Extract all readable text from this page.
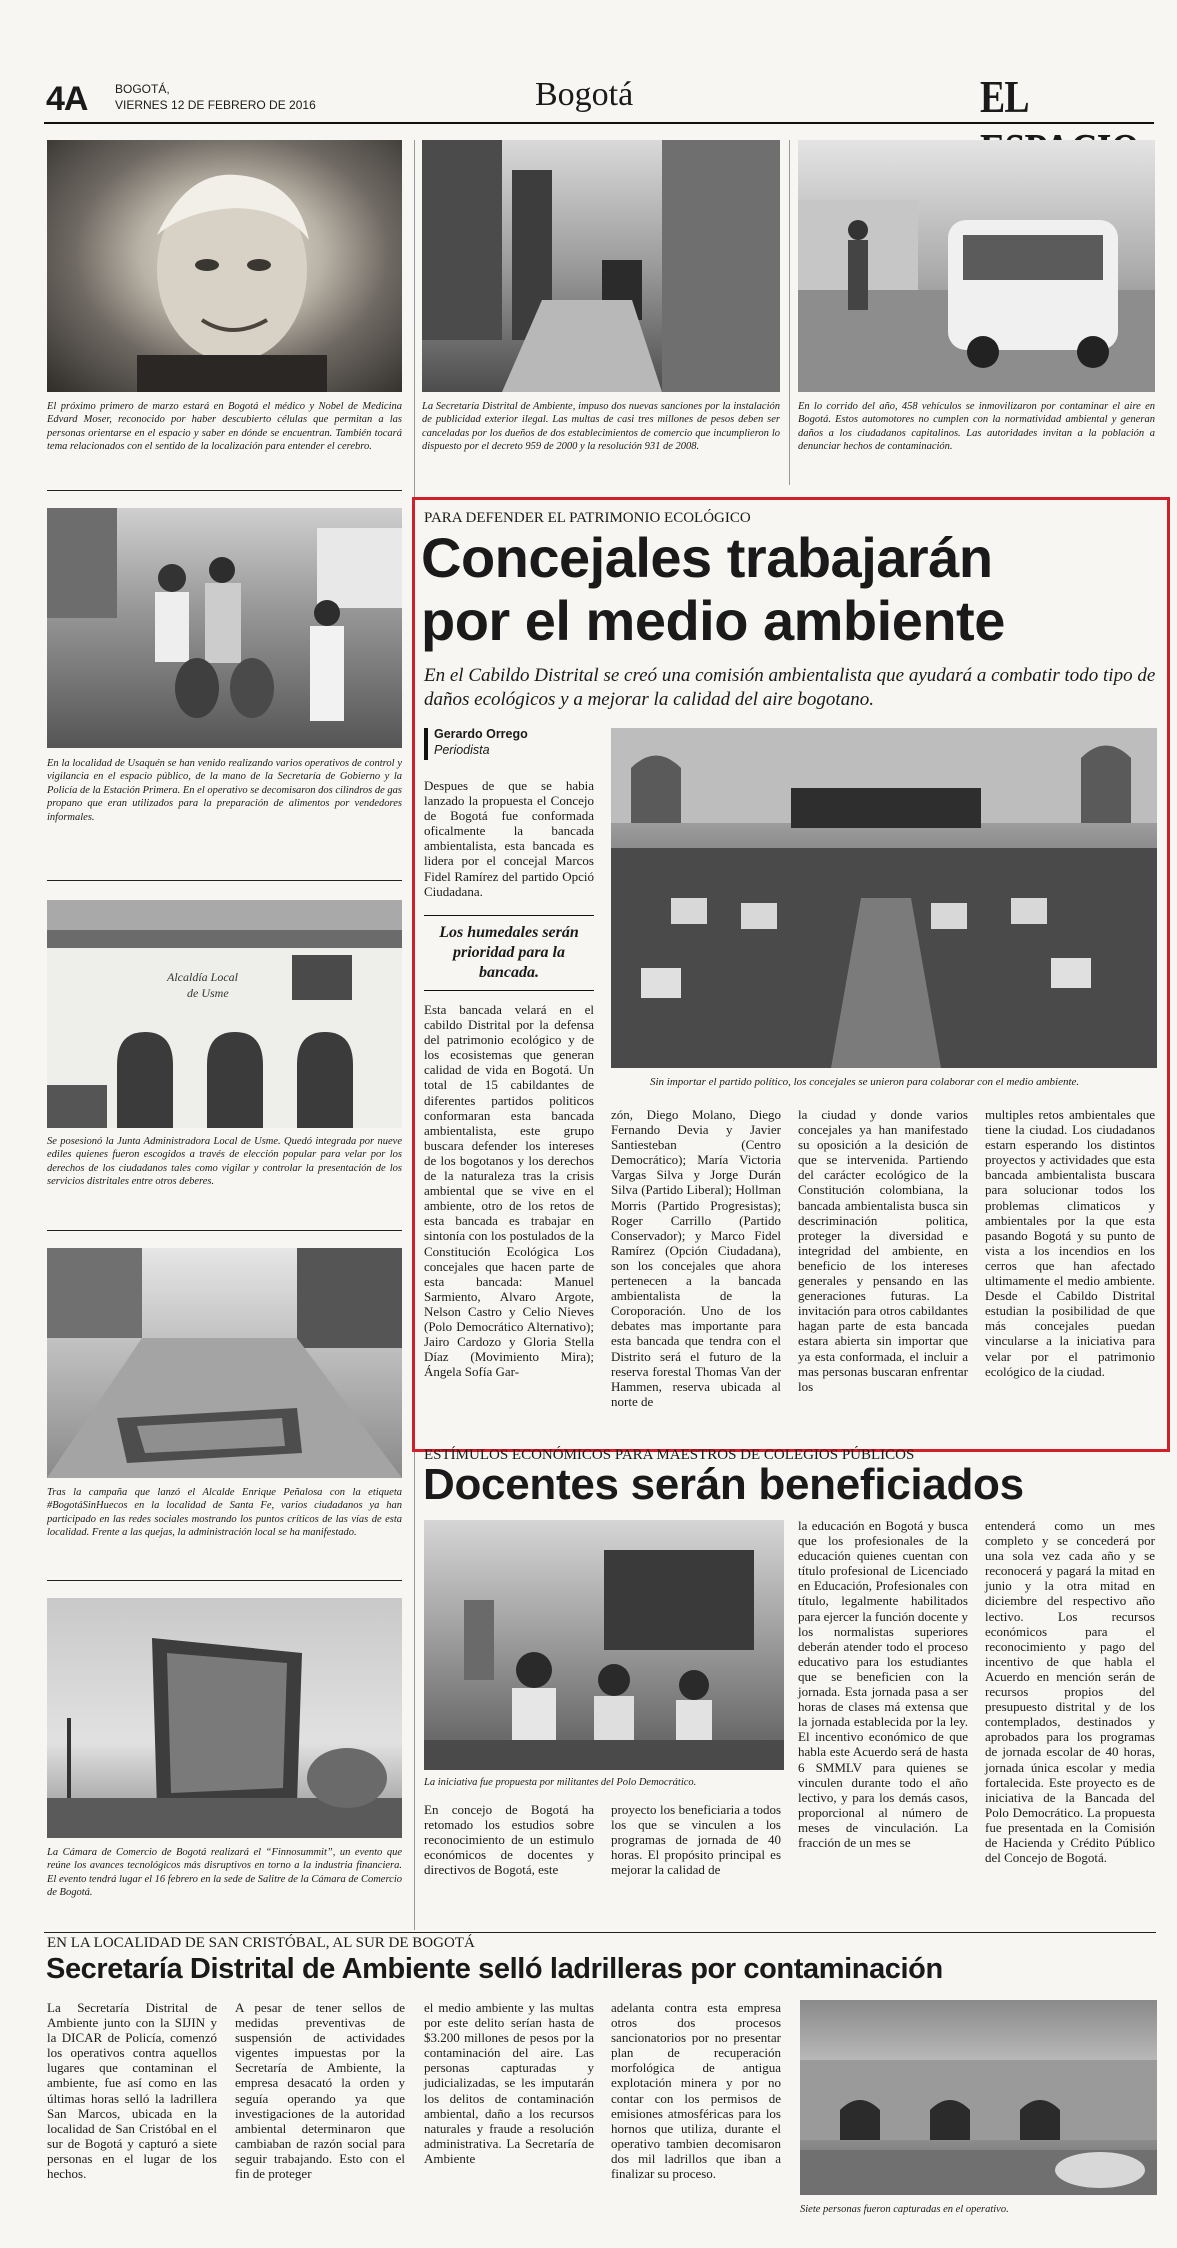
4A BOGOTÁ,
VIERNES 12 DE FEBRERO DE 2016	Bogotá	EL
El próximo primero de marzo estará en Bogotá el médico y Nobel de Medicina Edvard Moser, reconocido por haber descubierto células que permitan a las personas orientarse en el espacio y saber en dónde se encuentran. También tocará tema relacionados con el sentido de la localización para entender el cerebro.
En la localidad de Usaquén se han venido realizando varios operativos de control y vigilancia en el espacio público, de la mano de la Secretaría de Gobierno y la Policía de la Estación Primera. En el operativo se decomisaron dos cilindros de gas propano que eran utilizados para la preparación de alimentos por vendedores informales.
Alcaldía Local
de Usme
Se posesionó la Junta Administradora Local de Usme. Quedó integrada por nueve ediles quienes fueron escogidos a través de elección popular para velar por los derechos de los ciudadanos tales como vigilar y controlar la presentación de los servicios distritales entre otros deberes.
Tras la campaña que lanzó el Alcalde Enrique Peñalosa con la etiqueta #BogotáSinHuecos en la localidad de Santa Fe, varios ciudadanos ya han participado en las redes sociales mostrando los puntos críticos de las vías de esta localidad. Frente a las quejas, la administración local se ha manifestado.
La Cámara de Comercio de Bogotá realizará el “Finnosummit”, un evento que reúne los avances tecnológicos más disruptivos en torno a la industria financiera. El evento tendrá lugar el 16 febrero en la sede de Salitre de la Cámara de Comercio de Bogotá.
La Secretaría Distrital de Ambiente, impuso dos nuevas sanciones por la instalación de publicidad exterior ilegal. Las multas de casi tres millones de pesos deben ser canceladas por los dueños de dos establecimientos de comercio que incumplieron lo dispuesto por el decreto 959 de 2000 y la resolución 931 de 2008.
En lo corrido del año, 458 vehículos se inmovilizaron por contaminar el aire en Bogotá. Estos automotores no cumplen con la normatividad ambiental y generan daños a los ciudadanos capitalinos. Las autoridades invitan a la población a denunciar hechos de contaminación.
PARA DEFENDER EL PATRIMONIO ECOLÓGICO
Concejales trabajarán
por el medio ambiente
En el Cabildo Distrital se creó una comisión ambientalista que ayudará a combatir todo tipo de daños ecológicos y a mejorar la calidad del aire bogotano.
Gerardo Orrego
Periodista
Despues de que se habia lanzado la propuesta el Concejo de Bogotá fue conformada oficalmente la bancada ambientalista, esta bancada es lidera por el concejal Marcos Fidel Ramírez del partido Opció Ciudadana.
Los humedales serán prioridad para la bancada.
Sin importar el partido político, los concejales se unieron para colaborar con el medio ambiente.
Esta bancada velará en el cabildo Distrital por la defensa del patrimonio ecológico y de los ecosistemas que generan calidad de vida en Bogotá. Un total de 15 cabildantes de diferentes partidos politicos conformaran esta bancada ambientalista, este grupo buscara defender los intereses de los bogotanos y los derechos de la naturaleza tras la crisis ambiental que se vive en el ambiente, otro de los retos de esta bancada es trabajar en sintonía con los postulados de la Constitución Ecológica Los concejales que hacen parte de esta bancada: Manuel Sarmiento, Alvaro Argote, Nelson Castro y Celio Nieves (Polo Democrático Alternativo); Jairo Cardozo y Gloria Stella Díaz (Movimiento Mira); Ángela Sofía Gar-
zón, Diego Molano, Diego Fernando Devia y Javier Santiesteban (Centro Democrático); María Victoria Vargas Silva y Jorge Durán Silva (Partido Liberal); Hollman Morris (Partido Progresistas); Roger Carrillo (Partido Conservador); y Marco Fidel Ramírez (Opción Ciudadana), son los concejales que ahora pertenecen a la bancada ambientalista de la Coroporación. Uno de los debates mas importante para esta bancada que tendra con el Distrito será el futuro de la reserva forestal Thomas Van der Hammen, reserva ubicada al norte de
la ciudad y donde varios concejales ya han manifestado su oposición a la desición de que se intervenida. Partiendo del carácter ecológico de la Constitución colombiana, la bancada ambientalista busca sin descriminación politica, proteger la diversidad e integridad del ambiente, en beneficio de los intereses generales y pensando en las generaciones futuras. La invitación para otros cabildantes hagan parte de esta bancada estara abierta sin importar que ya esta conformada, el incluir a mas personas buscaran enfrentar los
multiples retos ambientales que tiene la ciudad. Los ciudadanos estarn esperando los distintos proyectos y actividades que esta bancada ambientalista buscara para solucionar todos los problemas climaticos y ambientales por la que esta pasando Bogotá y su punto de vista a los incendios en los cerros que han afectado ultimamente el medio ambiente. Desde el Cabildo Distrital estudian la posibilidad de que más concejales puedan vincularse a la iniciativa para velar por el patrimonio ecológico de la ciudad.
ESTÍMULOS ECONÓMICOS PARA MAESTROS DE COLEGIOS PÚBLICOS
Docentes serán beneficiados
La iniciativa fue propuesta por militantes del Polo Democrático.
En concejo de Bogotá ha retomado los estudios sobre reconocimiento de un estimulo económicos de docentes y directivos de Bogotá, este
proyecto los beneficiaria a todos los que se vinculen a los programas de jornada de 40 horas. El propósito principal es mejorar la calidad de
la educación en Bogotá y busca que los profesionales de la educación quienes cuentan con título profesional de Licenciado en Educación, Profesionales con título, legalmente habilitados para ejercer la función docente y los normalistas superiores deberán atender todo el proceso educativo para los estudiantes que se beneficien con la jornada. Esta jornada pasa a ser horas de clases má extensa que la jornada establecida por la ley. El incentivo económico de que habla este Acuerdo será de hasta 6 SMMLV para quienes se vinculen durante todo el año lectivo, y para los demás casos, proporcional al número de meses de vinculación. La fracción de un mes se
entenderá como un mes completo y se concederá por una sola vez cada año y se reconocerá y pagará la mitad en junio y la otra mitad en diciembre del respectivo año lectivo. Los recursos económicos para el reconocimiento y pago del incentivo de que habla el Acuerdo en mención serán de recursos propios del presupuesto distrital y de los contemplados, destinados y aprobados para los programas de jornada escolar de 40 horas, jornada única escolar y media fortalecida. Este proyecto es de iniciativa de la Bancada del Polo Democrático. La propuesta fue presentada en la Comisión de Hacienda y Crédito Público del Concejo de Bogotá.
EN LA LOCALIDAD DE SAN CRISTÓBAL, AL SUR DE BOGOTÁ
Secretaría Distrital de Ambiente selló ladrilleras por contaminación
La Secretaría Distrital de Ambiente junto con la SIJIN y la DICAR de Policía, comenzó los operativos contra aquellos lugares que contaminan el ambiente, fue así como en las últimas horas selló la ladrillera San Marcos, ubicada en la localidad de San Cristóbal en el sur de Bogotá y capturó a siete personas en el lugar de los hechos.
A pesar de tener sellos de medidas preventivas de suspensión de actividades vigentes impuestas por la Secretaría de Ambiente, la empresa desacató la orden y seguía operando ya que investigaciones de la autoridad ambiental determinaron que cambiaban de razón social para seguir trabajando. Esto con el fin de proteger
el medio ambiente y las multas por este delito serían hasta de $3.200 millones de pesos por la contaminación del aire. Las personas capturadas y judicializadas, se les imputarán los delitos de contaminación ambiental, daño a los recursos naturales y fraude a resolución administrativa. La Secretaría de Ambiente
adelanta contra esta empresa otros dos procesos sancionatorios por no presentar plan de recuperación morfológica de antigua explotación minera y por no contar con los permisos de emisiones atmosféricas para los hornos que utiliza, durante el operativo tambien decomisaron dos mil ladrillos que iban a finalizar su proceso.
Siete personas fueron capturadas en el operativo.
